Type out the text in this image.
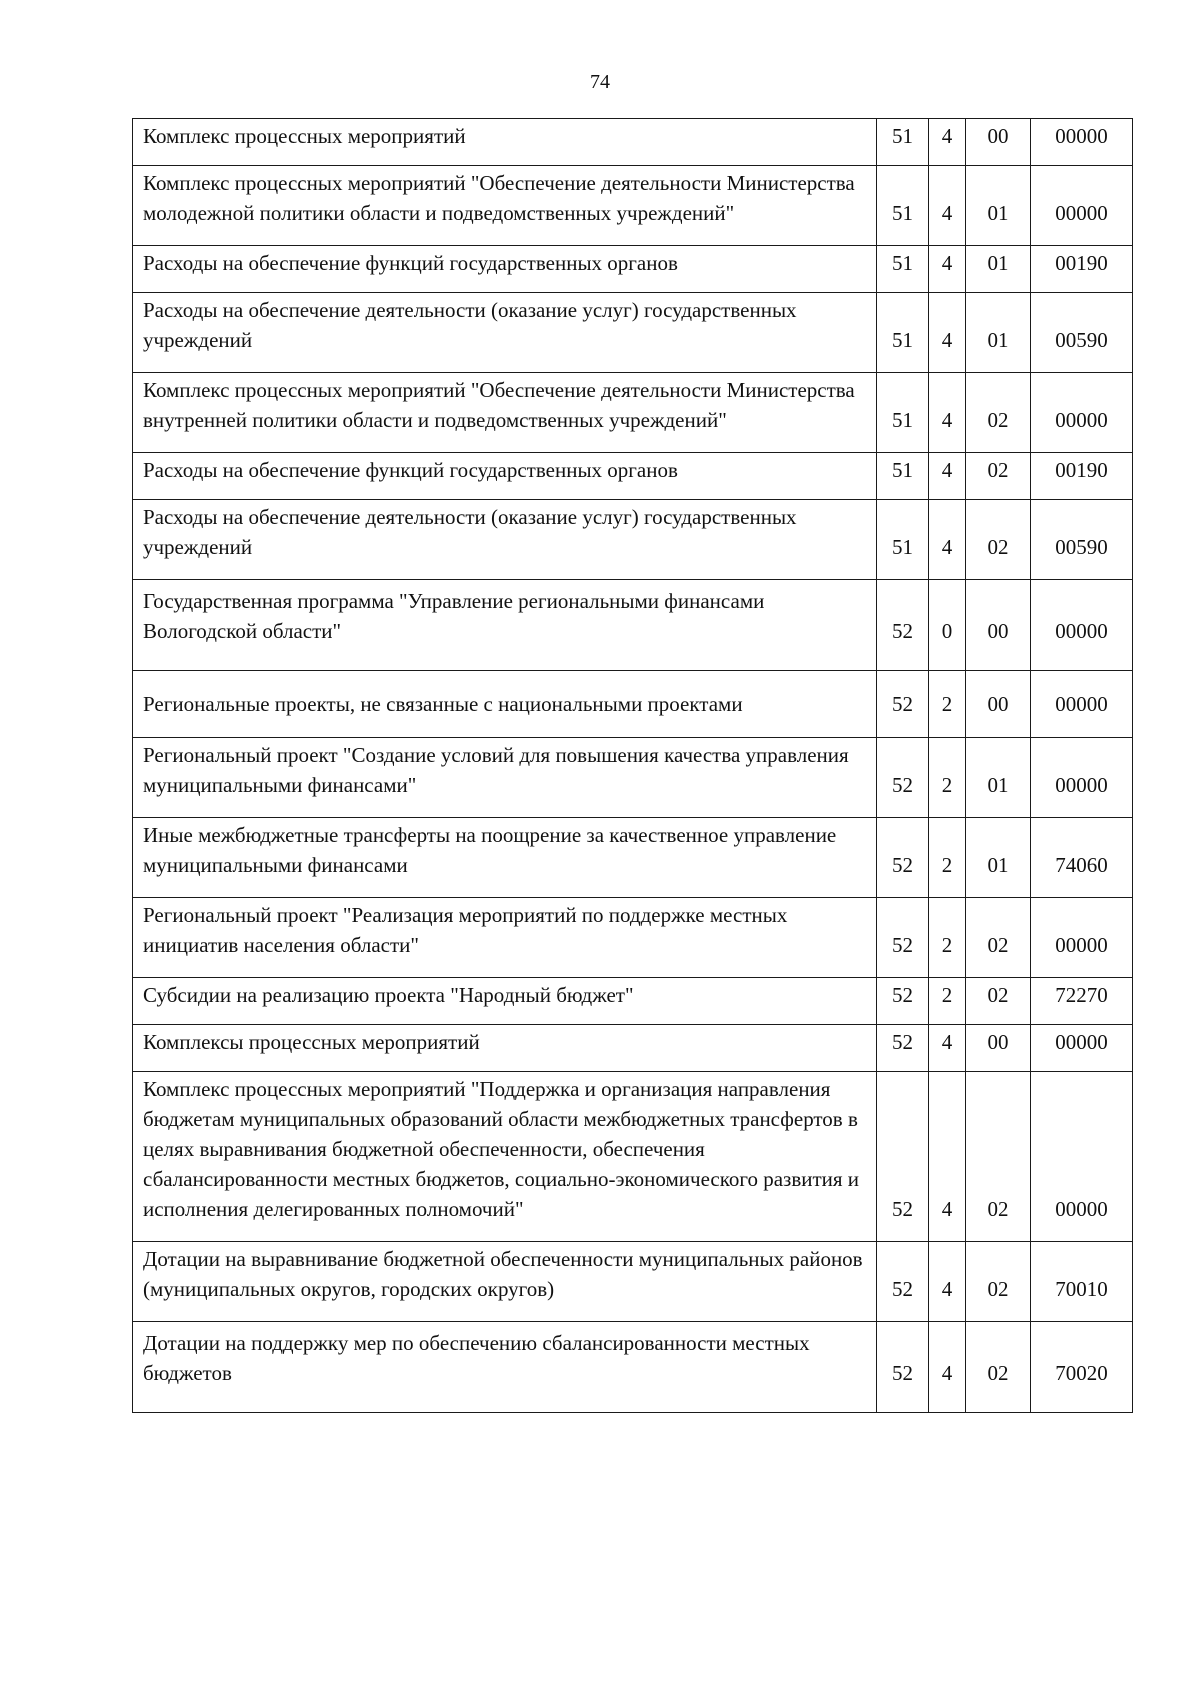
74
Комплекс процессных мероприятий	51	4	00	00000
Комплекс процессных мероприятий "Обеспечение деятельности Министерства молодежной политики области и подведомственных учреждений"	51	4	01	00000
Расходы на обеспечение функций государственных органов	51	4	01	00190
Расходы на обеспечение деятельности (оказание услуг) государственных учреждений	51	4	01	00590
Комплекс процессных мероприятий "Обеспечение деятельности Министерства внутренней политики области и подведомственных учреждений"	51	4	02	00000
Расходы на обеспечение функций государственных органов	51	4	02	00190
Расходы на обеспечение деятельности (оказание услуг) государственных учреждений	51	4	02	00590
Государственная программа "Управление региональными финансами Вологодской области"	52	0	00	00000
Региональные проекты, не связанные с национальными проектами	52	2	00	00000
Региональный проект "Создание условий для повышения качества управления муниципальными финансами"	52	2	01	00000
Иные межбюджетные трансферты на поощрение за качественное управление муниципальными финансами	52	2	01	74060
Региональный проект "Реализация мероприятий по поддержке местных инициатив населения области"	52	2	02	00000
Субсидии на реализацию проекта "Народный бюджет"	52	2	02	72270
Комплексы процессных мероприятий	52	4	00	00000
Комплекс процессных мероприятий "Поддержка и организация направления бюджетам муниципальных образований области межбюджетных трансфертов в целях выравнивания бюджетной обеспеченности, обеспечения сбалансированности местных бюджетов, социально-экономического развития и исполнения делегированных полномочий"	52	4	02	00000
Дотации на выравнивание бюджетной обеспеченности муниципальных районов (муниципальных округов, городских округов)	52	4	02	70010
Дотации на поддержку мер по обеспечению сбалансированности местных бюджетов	52	4	02	70020
